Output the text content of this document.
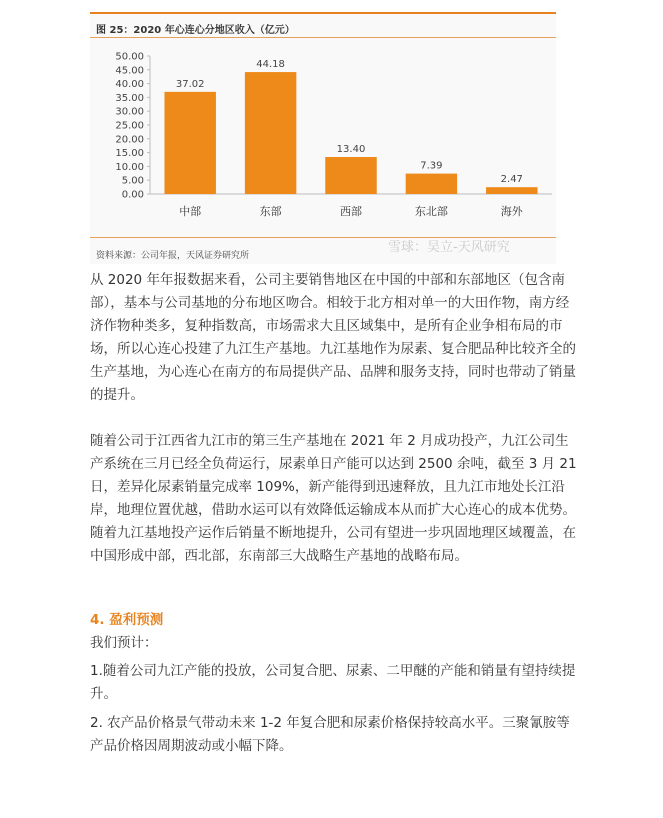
图 25：2020 年心连心分地区收入（亿元）
0.00
5.00
10.00
15.00
20.00
25.00
30.00
35.00
40.00
45.00
50.00
37.02
中部
44.18
东部
13.40
西部
7.39
东北部
2.47
海外
资料来源：公司年报，天风证券研究所
雪球：吴立-天风研究
从 2020 年年报数据来看，公司主要销售地区在中国的中部和东部地区（包含南部），基本与公司基地的分布地区吻合。相较于北方相对单一的大田作物，南方经济作物种类多，复种指数高，市场需求大且区域集中，是所有企业争相布局的市场，所以心连心投建了九江生产基地。九江基地作为尿素、复合肥品种比较齐全的生产基地，为心连心在南方的布局提供产品、品牌和服务支持，同时也带动了销量的提升。
随着公司于江西省九江市的第三生产基地在 2021 年 2 月成功投产，九江公司生产系统在三月已经全负荷运行，尿素单日产能可以达到 2500 余吨，截至 3 月 21 日，差异化尿素销量完成率 109%，新产能得到迅速释放，且九江市地处长江沿岸，地理位置优越，借助水运可以有效降低运输成本从而扩大心连心的成本优势。随着九江基地投产运作后销量不断地提升，公司有望进一步巩固地理区域覆盖，在中国形成中部，西北部，东南部三大战略生产基地的战略布局。
4. 盈利预测
我们预计：
1.随着公司九江产能的投放，公司复合肥、尿素、二甲醚的产能和销量有望持续提升。
2. 农产品价格景气带动未来 1-2 年复合肥和尿素价格保持较高水平。三聚氰胺等产品价格因周期波动或小幅下降。
